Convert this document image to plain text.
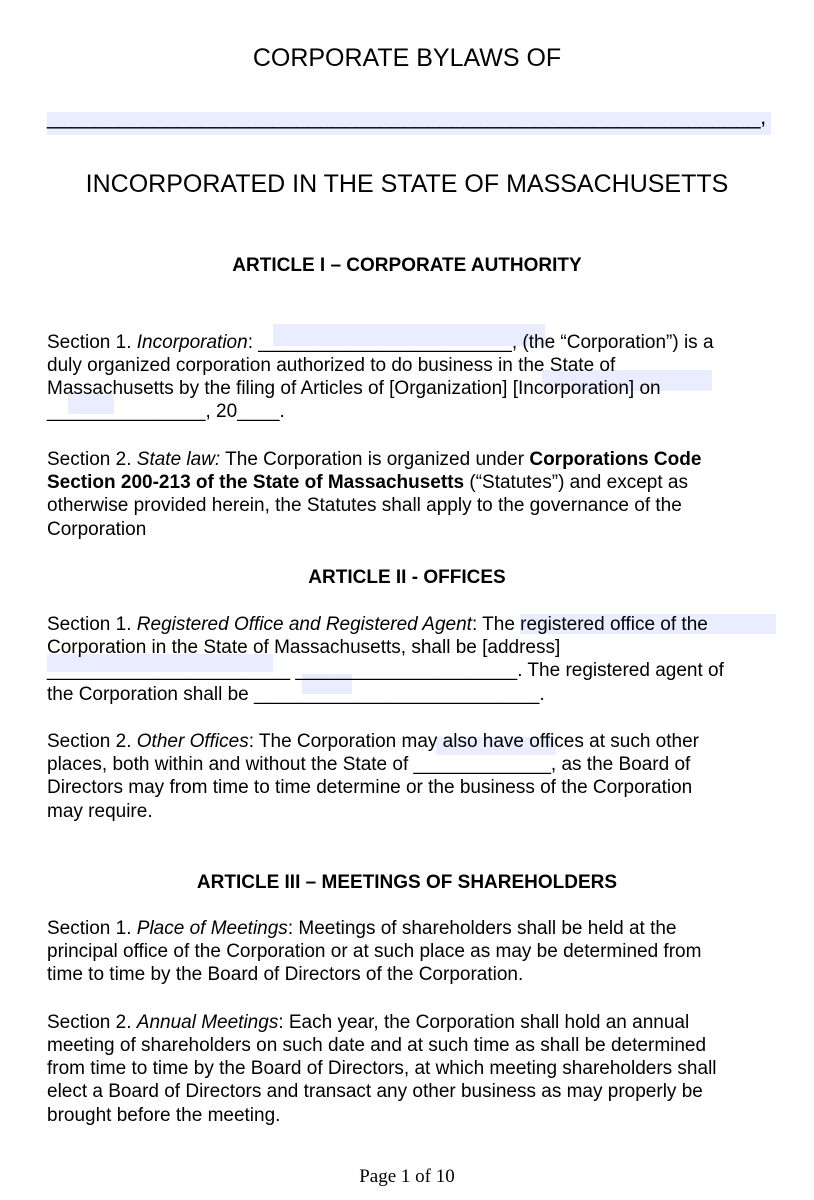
CORPORATE BYLAWS OF
____________________________________________________________,
INCORPORATED IN THE STATE OF MASSACHUSETTS
ARTICLE I – CORPORATE AUTHORITY
Section 1. Incorporation: ________________________, (the “Corporation”) is a
duly organized corporation authorized to do business in the State of
Massachusetts by the filing of Articles of [Organization] [Incorporation] on
_______________, 20____.
Section 2. State law: The Corporation is organized under Corporations Code
Section 200-213 of the State of Massachusetts (“Statutes”) and except as
otherwise provided herein, the Statutes shall apply to the governance of the
Corporation
ARTICLE II - OFFICES
Section 1. Registered Office and Registered Agent: The registered office of the
Corporation in the State of Massachusetts, shall be [address]
_______________________ _____________________. The registered agent of
the Corporation shall be ___________________________.
Section 2. Other Offices: The Corporation may also have offices at such other
places, both within and without the State of _____________, as the Board of
Directors may from time to time determine or the business of the Corporation
may require.
ARTICLE III – MEETINGS OF SHAREHOLDERS
Section 1. Place of Meetings: Meetings of shareholders shall be held at the
principal office of the Corporation or at such place as may be determined from
time to time by the Board of Directors of the Corporation.
Section 2. Annual Meetings: Each year, the Corporation shall hold an annual
meeting of shareholders on such date and at such time as shall be determined
from time to time by the Board of Directors, at which meeting shareholders shall
elect a Board of Directors and transact any other business as may properly be
brought before the meeting.
Page 1 of 10
